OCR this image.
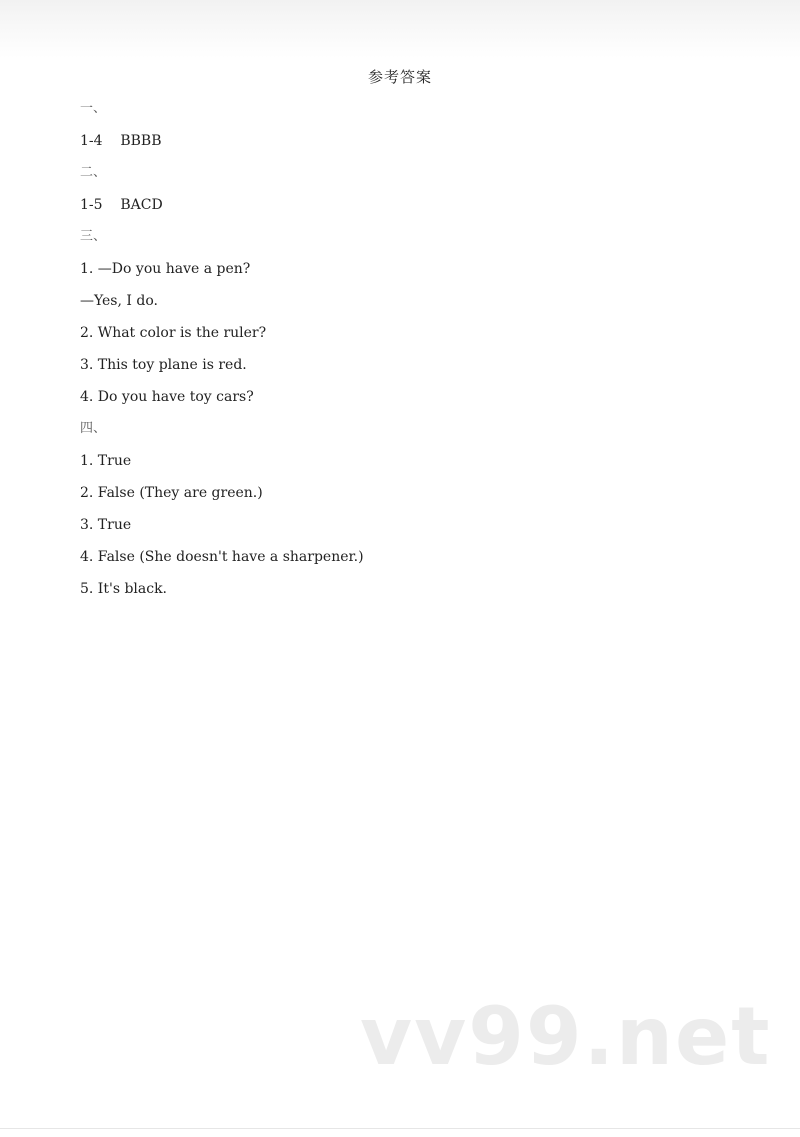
参考答案
一、
1-4    BBBB
二、
1-5    BACD
三、
1. —Do you have a pen?
—Yes, I do.
2. What color is the ruler?
3. This toy plane is red.
4. Do you have toy cars?
四、
1. True
2. False (They are green.)
3. True
4. False (She doesn't have a sharpener.)
5. It's black.
vv99.net
